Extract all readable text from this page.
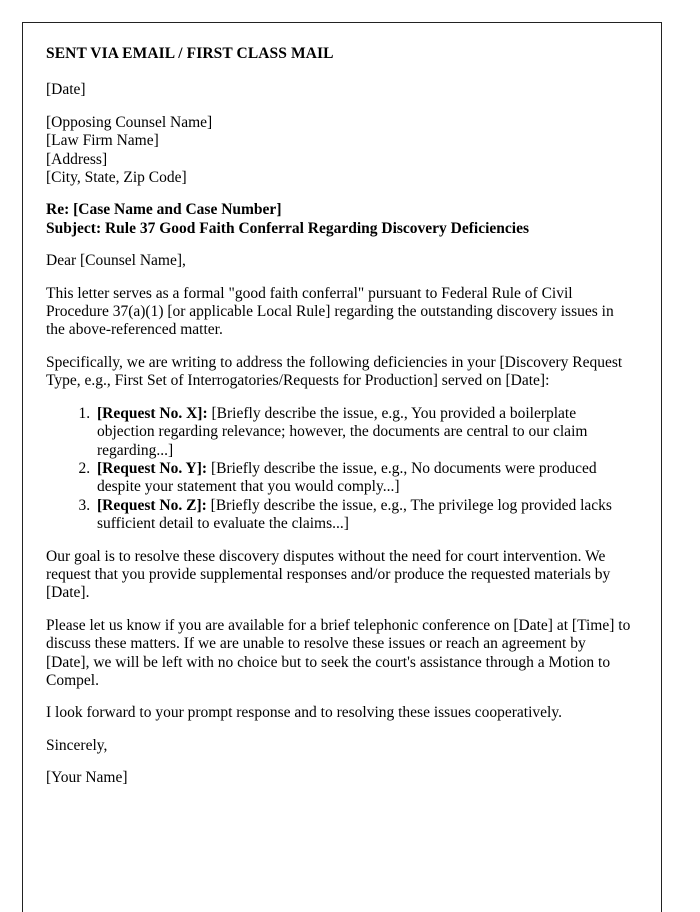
SENT VIA EMAIL / FIRST CLASS MAIL
[Date]
[Opposing Counsel Name]
[Law Firm Name]
[Address]
[City, State, Zip Code]
Re: [Case Name and Case Number]
Subject: Rule 37 Good Faith Conferral Regarding Discovery Deficiencies
Dear [Counsel Name],

This letter serves as a formal "good faith conferral" pursuant to Federal Rule of Civil Procedure 37(a)(1) [or applicable Local Rule] regarding the outstanding discovery issues in the above-referenced matter.

Specifically, we are writing to address the following deficiencies in your [Discovery Request Type, e.g., First Set of Interrogatories/Requests for Production] served on [Date]:

1. [Request No. X]: [Briefly describe the issue, e.g., You provided a boilerplate objection regarding relevance; however, the documents are central to our claim regarding...]
2. [Request No. Y]: [Briefly describe the issue, e.g., No documents were produced despite your statement that you would comply...]
3. [Request No. Z]: [Briefly describe the issue, e.g., The privilege log provided lacks sufficient detail to evaluate the claims...]

Our goal is to resolve these discovery disputes without the need for court intervention. We request that you provide supplemental responses and/or produce the requested materials by [Date].

Please let us know if you are available for a brief telephonic conference on [Date] at [Time] to discuss these matters. If we are unable to resolve these issues or reach an agreement by [Date], we will be left with no choice but to seek the court's assistance through a Motion to Compel.

I look forward to your prompt response and to resolving these issues cooperatively.

Sincerely,

[Your Name]
